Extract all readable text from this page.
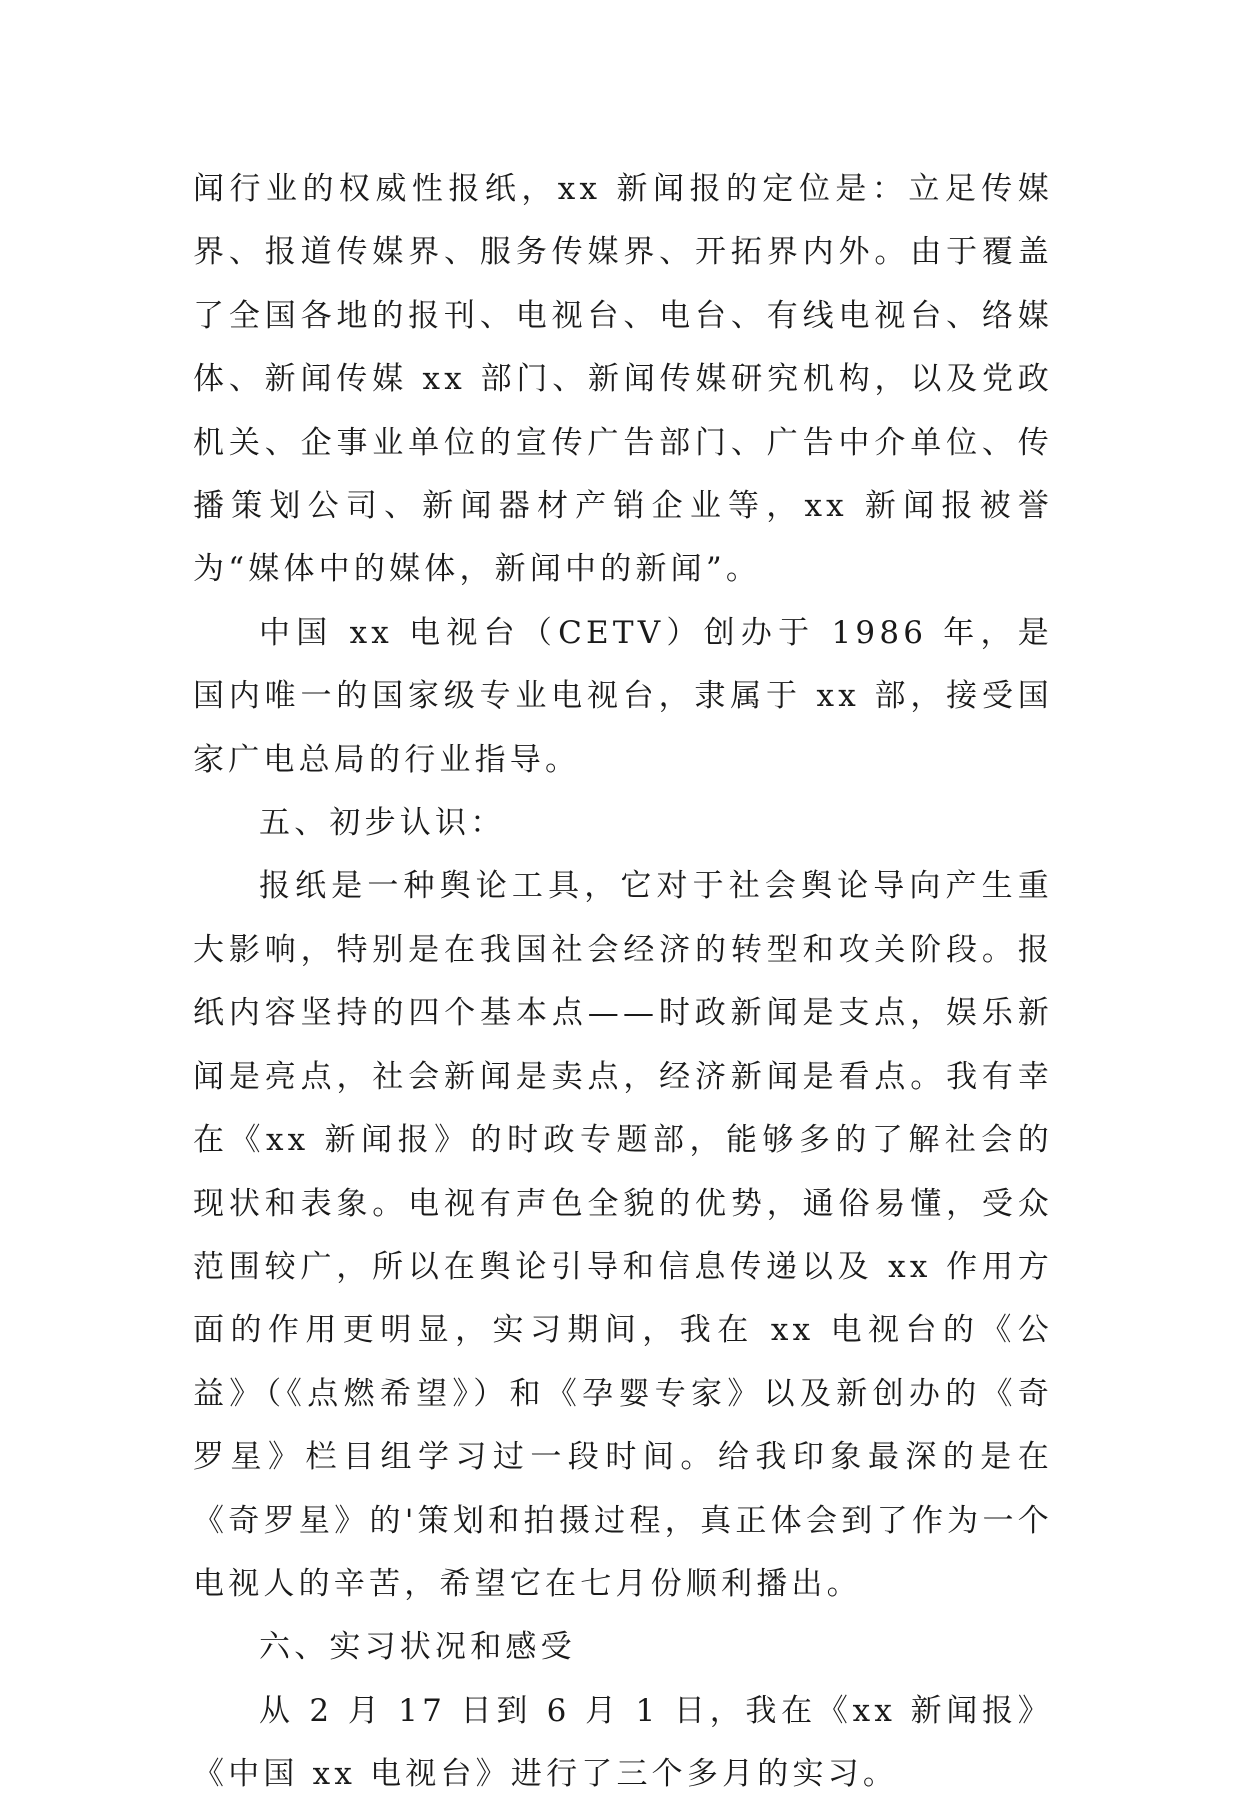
闻行业的权威性报纸，xx 新闻报的定位是：立足传媒界、报道传媒界、服务传媒界、开拓界内外。由于覆盖了全国各地的报刊、电视台、电台、有线电视台、络媒体、新闻传媒 xx 部门、新闻传媒研究机构，以及党政机关、企事业单位的宣传广告部门、广告中介单位、传播策划公司、新闻器材产销企业等，xx 新闻报被誉为“媒体中的媒体，新闻中的新闻”。

中国 xx 电视台（CETV）创办于 1986 年，是国内唯一的国家级专业电视台，隶属于 xx 部，接受国家广电总局的行业指导。

五、初步认识：

报纸是一种舆论工具，它对于社会舆论导向产生重大影响，特别是在我国社会经济的转型和攻关阶段。报纸内容坚持的四个基本点——时政新闻是支点，娱乐新闻是亮点，社会新闻是卖点，经济新闻是看点。我有幸在《xx 新闻报》的时政专题部，能够多的了解社会的现状和表象。电视有声色全貌的优势，通俗易懂，受众范围较广，所以在舆论引导和信息传递以及 xx 作用方面的作用更明显，实习期间，我在 xx 电视台的《公益》（《点燃希望》）和《孕婴专家》以及新创办的《奇罗星》栏目组学习过一段时间。给我印象最深的是在《奇罗星》的'策划和拍摄过程，真正体会到了作为一个电视人的辛苦，希望它在七月份顺利播出。

六、实习状况和感受

从 2 月 17 日到 6 月 1 日，我在《xx 新闻报》《中国 xx 电视台》进行了三个多月的实习。
